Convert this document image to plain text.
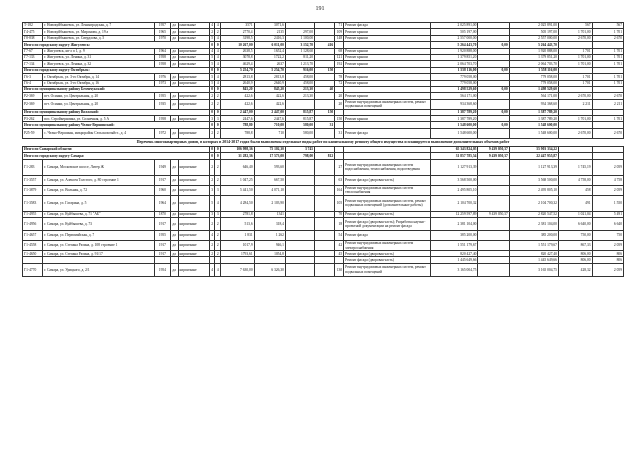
191
Т-182	г. Новокуйбышевск, ул. Ленинградская, д. 7	1957	да	панельные	4	4	3571	3071,6			71	Ремонт фасада	2 025 891,00		2 025 891,00	567	567
Г4-475	г. Новокуйбышевск, ул. Миронова, д. 19 а	1965	да	панельные	2	2	2770,4	2135	297,00		109	Ремонт крыши	505 197,00		505 197,00	1 701,00	1 701
Г8-838	г. Новокуйбышевск, ул. Свердлова, д. 5	1970	да	панельные	5	4	3198,5	2416,3	1 100,00		148	Ремонт крыши	2 557 000,00		2 557 000,00	2 670,00	2 670
Итого по городскому округу Жигулевск:					0	0	10 267,00	6 011,00	3 152,70	416			5 264 443,70	0,00	5 264 443,70		
Г7-67	г. Жигулевск, кв-л п 1, д. 9	1964	да	кирпичные	4	4	2638,5	1652,4	1 128,60		68	Ремонт крыши	1 920 888,00		1 920 888,00	1 701	1 701
Г7-133	г. Жигулевск, ул. Ленина, д. 31	1958	да	панельные	5	4	3078,8	1722,2	811,20		121	Ремонт крыши	1 379 851,20		1 379 851,20	1 701,00	1 701
Г7-134	г. Жигулевск, ул. Ленина, д. 32	1958	да	панельные	5	4	4629,4	2637	1 213,70		192	Ремонт крыши	2 064 703,70		2 064 703,70	1 701,00	1 701
Итого по городскому округу Октябрьск:					0	0	5 254,70	5 254,70	916,00	150			1 558 116,00	0,00	1 558 116,00		
Г6-3	г. Октябрьск, ул. 3-го Октября, д. 14	1976	да	кирпичные	5	4	2813,8	2813,8	458,00		78	Ремонт крыши	779 058,00		779 058,00	1 701	1 701
Г6-4	г. Октябрьск, ул. 3-го Октября, д. 16	1973	да	кирпичные	5	4	2640,9	2640,9	458,00		72	Ремонт крыши	779 058,00		779 058,00	1 701	1 701
Итого по муниципальному району Безенчукский:					0	0	845,20	845,20	213,30	40			1 498 529,60	0,00	1 498 529,60		
Р2-369	пгт. Осинки, ул. Центральная, д. 20	1955	да	кирпичные	2	2	422,6	422,6	213,30		20	Ремонт крыши	564 171,00		564 171,00	2 670,00	2 670
Р2-369	пгт. Осинки, ул. Центральная, д. 20	1935	да	кирпичные	2	2	422,6	422,6			20	Ремонт внутридомовых инженерных систем, ремонт подвальных помещений	934 368,60		934 368,60	2 211	2 211
Итого по муниципальному району Волжский:					0	0	2 447,00	2 447,00	815,87	150			1 387 789,20	0,00	1 387 789,20		
Р3-262	пос. Стройкерамика, ул. Солнечная, д. 5 А	1958	да	кирпичные	3	3	2447,6	2447,6	815,87		150	Ремонт крыши	1 387 789,20		1 387 789,20	1 701,00	1 701
Итого по муниципальному району Челно-Вершинский:					0	0	788,80	710,00	580,00	31			1 548 600,00	0,00	1 548 600,00		
Р25-59	с. Челно-Вершины, микрорайон Сельскохозяйст., д. 4	1972	да	кирпичные	2	2	788,8	710	580,00		31	Ремонт фасада	1 548 600,00		1 548 600,00	2 670,00	2 670
Перечень многоквартирных домов, в которых в 2014-2017 годах были выполнены отдельные виды работ по капитальному ремонту общего имущества и планируется выполнение дополнительных объемов работ
Итого по Самарской области:					0	0	106 998,36	75 102,30	3 745				65 343 824,05	9 439 050,37	55 903 334,22		
Итого по городскому округу Самара:					0	0	31 282,36	17 573,00	798,00	812			31 857 785,54	9 439 050,37	22 447 955,87		
Г1-283	г. Самара, Московское шоссе, Литер Ж	1949	да	кирпичные	2	2	646,40	593,60			27	Ремонт внутридомовых инженерных систем водоснабжения, теплоснабжения, водоотведения	1 127 913,39		1 127 913,39	1 745,19	2 059
Г1-3557	г. Самара, ул. Алексея Толстого, д. 80 строение 1	1917	да	кирпичные	2	2	1 047,25	667,50			63	Ремонт фасада (дворовая часть)	3 568 500,00		3 568 500,00	4 758,00	4 758
Г1-3879	г. Самара, ул. Вольная, д. 72	1960	да	кирпичные	3	3	5 441,50	4 071,10			164	Ремонт внутридомовых инженерных систем теплоснабжения	2 495 805,10		2 495 805,10	458	2 059
Г1-3583	г. Самара, ул. Гагарина, д. 5	1964	да	кирпичные	5	4	4 284,50	2 103,90			105	Ремонт внутридомовых инженерных систем, ремонт подвальных помещений (дополнительные работы)	2 104 700,32		2 104 700,32	491	1 550
Г1-4955	г. Самара, ул. Куйбышева, д. 71 "АБ"	1870	да	кирпичные	3	3	2781,8	1341			70	Ремонт фасада (дворовая часть)	12 259 597,89	9 439 050,37	2 820 547,52	1 021,04	5 491
Г1-4956	г. Самара, ул. Куйбышева, д. 73	1917	да	кирпичные	2	2	513,6	318,4			18	Ремонт фасада (дворовая часть); Разработка научно-проектной документации на ремонт фасада	2 381 104,00		2 381 104,00	6 640,00	6 640
Г1-4657	г. Самара, ул. Первомайская, д. 7	1955	да	кирпичные	4	2	1 831	1 262			54	Ремонт фасада	385 200,00		385 200,00	750,00	750
Г1-4558	г. Самара, ул. Степана Разина, д. 108 строение 1	1917	да	кирпичные	2	2	1017,9	946,1			42	Ремонт внутридомовых инженерных систем электроснабжения	1 551 179,67		1 551 179,67	867,33	2 059
Г1-4650	г. Самара, ул. Степана Разина, д. 91/17	1917	да	кирпичные	2	2	1793,61	1054,8			45	Ремонт фасада (дворовая часть)	820 427,40		820 427,40	806,00	806
												Ремонт фасада (дворовая часть)	1 445 649,66		1 445 649,66	806,00	806
Г1-4770	г. Самара, ул. Урицкого, д. 2/1	1954	да	кирпичные	4	4	7 630,00	6 326,30			130	Ремонт внутридомовых инженерных систем, ремонт подвальных помещений	3 165 004,75		3 165 004,75	428,32	2 059
